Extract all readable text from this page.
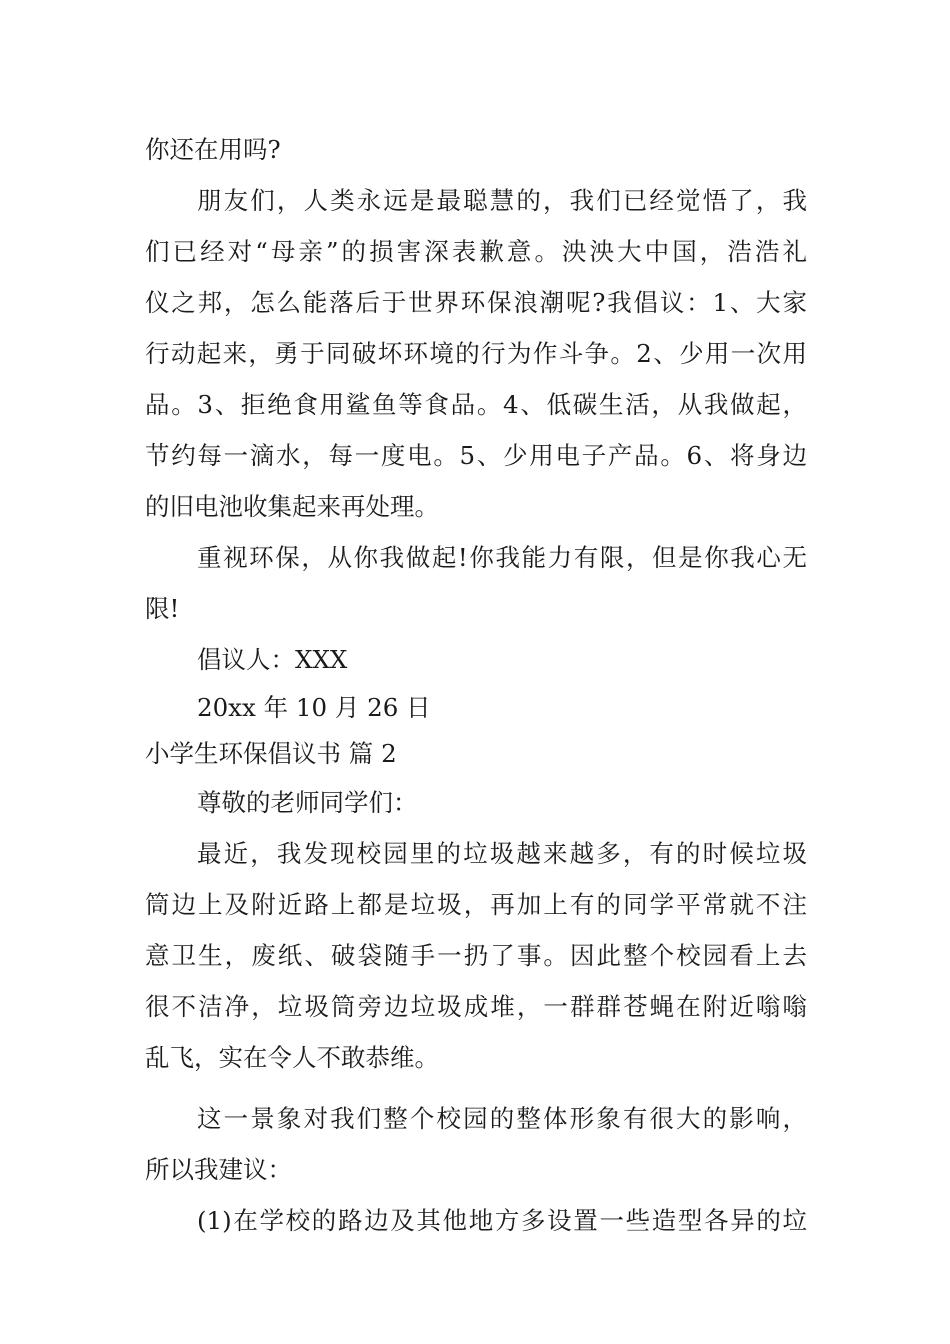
你还在用吗?
朋友们，人类永远是最聪慧的，我们已经觉悟了，我
们已经对“母亲”的损害深表歉意。泱泱大中国，浩浩礼
仪之邦，怎么能落后于世界环保浪潮呢?我倡议：1、大家
行动起来，勇于同破坏环境的行为作斗争。2、少用一次用
品。3、拒绝食用鲨鱼等食品。4、低碳生活，从我做起，
节约每一滴水，每一度电。5、少用电子产品。6、将身边
的旧电池收集起来再处理。
重视环保，从你我做起!你我能力有限，但是你我心无
限!
倡议人：XXX
20xx 年 10 月 26 日
小学生环保倡议书 篇 2
尊敬的老师同学们：
最近，我发现校园里的垃圾越来越多，有的时候垃圾
筒边上及附近路上都是垃圾，再加上有的同学平常就不注
意卫生，废纸、破袋随手一扔了事。因此整个校园看上去
很不洁净，垃圾筒旁边垃圾成堆，一群群苍蝇在附近嗡嗡
乱飞，实在令人不敢恭维。
这一景象对我们整个校园的整体形象有很大的影响，
所以我建议：
(1)在学校的路边及其他地方多设置一些造型各异的垃
